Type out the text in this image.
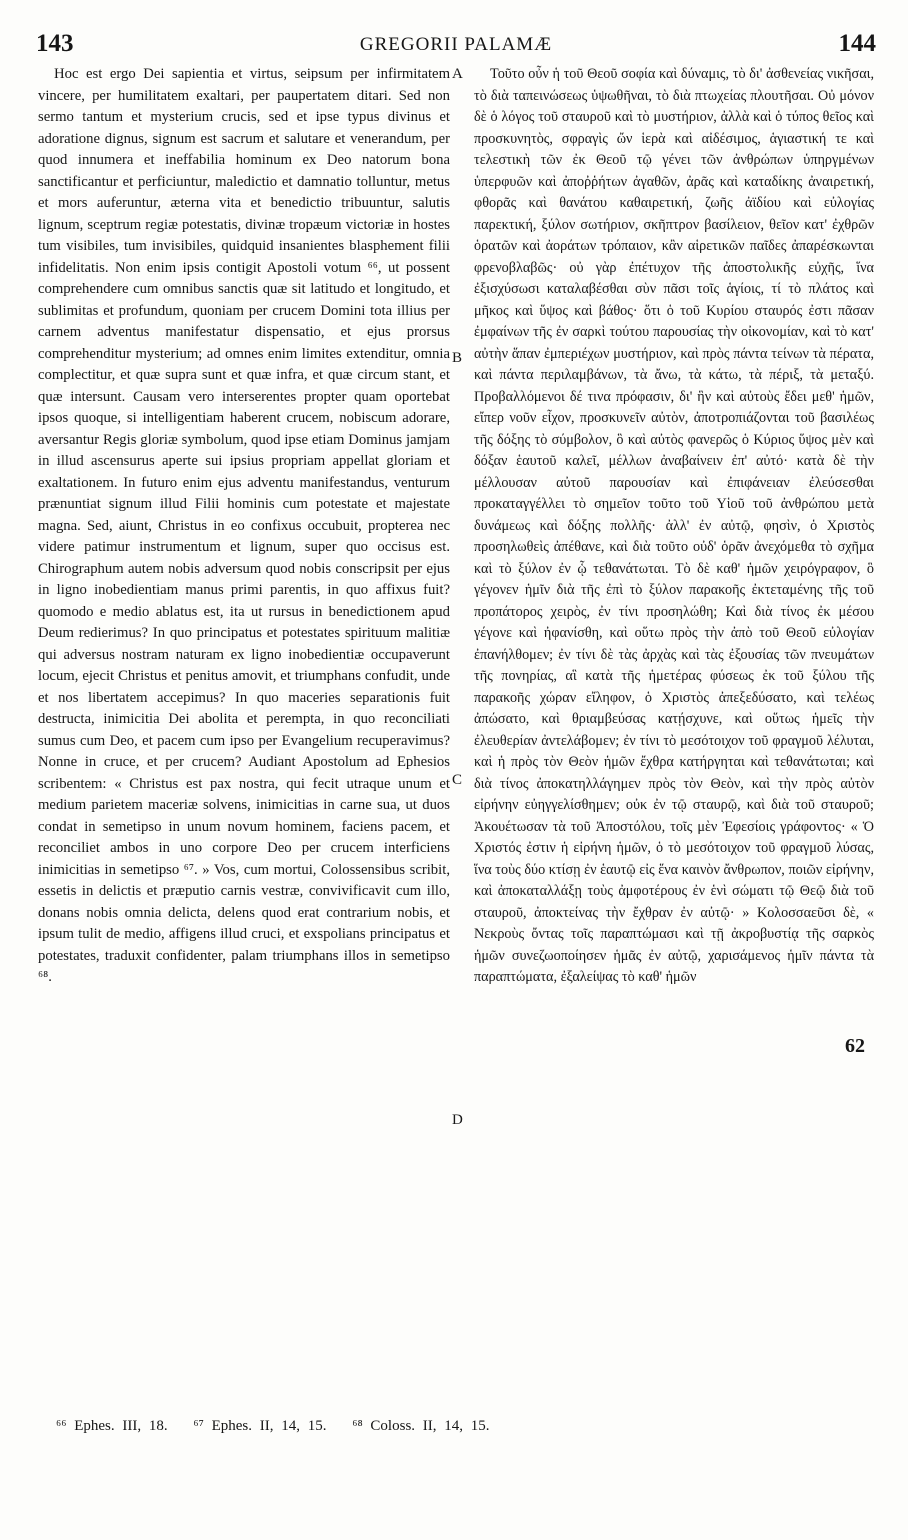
143	GREGORII PALAMÆ	144

Hoc est ergo Dei sapientia et virtus, seipsum per infirmitatem vincere, per humilitatem exaltari, per paupertatem ditari. Sed non sermo tantum et mysterium crucis, sed et ipse typus divinus et adoratione dignus, signum est sacrum et salutare et venerandum, per quod innumera et ineffabilia hominum ex Deo natorum bona sanctificantur et perficiuntur, maledictio et damnatio tolluntur, metus et mors auferuntur, æterna vita et benedictio tribuuntur, salutis lignum, sceptrum regiæ potestatis, divinæ tropæum victoriæ in hostes tum visibiles, tum invisibiles, quidquid insanientes blasphement filii infidelitatis. Non enim ipsis contigit Apostoli votum ⁶⁶, ut possent comprehendere cum omnibus sanctis quæ sit latitudo et longitudo, et sublimitas et profundum, quoniam per crucem Domini tota illius per carnem adventus manifestatur dispensatio, et ejus prorsus comprehenditur mysterium; ad omnes enim limites extenditur, omnia complectitur, et quæ supra sunt et quæ infra, et quæ circum stant, et quæ intersunt. Causam vero interserentes propter quam oportebat ipsos quoque, si intelligentiam haberent crucem, nobiscum adorare, aversantur Regis gloriæ symbolum, quod ipse etiam Dominus jamjam in illud ascensurus aperte sui ipsius propriam appellat gloriam et exaltationem. In futuro enim ejus adventu manifestandus, venturum prænuntiat signum illud Filii hominis cum potestate et majestate magna. Sed, aiunt, Christus in eo confixus occubuit, propterea nec videre patimur instrumentum et lignum, super quo occisus est. Chirographum autem nobis adversum quod nobis conscripsit per ejus in ligno inobedientiam manus primi parentis, in quo affixus fuit? quomodo e medio ablatus est, ita ut rursus in benedictionem apud Deum redierimus? In quo principatus et potestates spirituum malitiæ qui adversus nostram naturam ex ligno inobedientiæ occupaverunt locum, ejecit Christus et penitus amovit, et triumphans confudit, unde et nos libertatem accepimus? In quo maceries separationis fuit destructa, inimicitia Dei abolita et perempta, in quo reconciliati sumus cum Deo, et pacem cum ipso per Evangelium recuperavimus? Nonne in cruce, et per crucem? Audiant Apostolum ad Ephesios scribentem: « Christus est pax nostra, qui fecit utraque unum et medium parietem maceriæ solvens, inimicitias in carne sua, ut duos condat in semetipso in unum novum hominem, faciens pacem, et reconciliet ambos in uno corpore Deo per crucem interficiens inimicitias in semetipso ⁶⁷. » Vos, cum mortui, Colossensibus scribit, essetis in delictis et præputio carnis vestræ, convivificavit cum illo, donans nobis omnia delicta, delens quod erat contrarium nobis, et ipsum tulit de medio, affigens illud cruci, et exspolians principatus et potestates, traduxit confidenter, palam triumphans illos in semetipso ⁶⁸.

Τοῦτο οὖν ἡ τοῦ Θεοῦ σοφία καὶ δύναμις, τὸ δι' ἀσθενείας νικῆσαι, τὸ διὰ ταπεινώσεως ὑψωθῆναι, τὸ διὰ πτωχείας πλουτῆσαι. Οὐ μόνον δὲ ὁ λόγος τοῦ σταυροῦ καὶ τὸ μυστήριον, ἀλλὰ καὶ ὁ τύπος θεῖος καὶ προσκυνητὸς, σφραγὶς ὤν ἱερὰ καὶ αἰδέσιμος, ἁγιαστική τε καὶ τελεστικὴ τῶν ἐκ Θεοῦ τῷ γένει τῶν ἀνθρώπων ὑπηργμένων ὑπερφυῶν καὶ ἀποῤῥήτων ἀγαθῶν, ἀρᾶς καὶ καταδίκης ἀναιρετική, φθορᾶς καὶ θανάτου καθαιρετική, ζωῆς ἀϊδίου καὶ εὐλογίας παρεκτική, ξύλον σωτήριον, σκῆπτρον βασίλειον, θεῖον κατ' ἐχθρῶν ὁρατῶν καὶ ἀοράτων τρόπαιον, κἂν αἱρετικῶν παῖδες ἀπαρέσκωνται φρενοβλαβῶς· οὐ γὰρ ἐπέτυχον τῆς ἀποστολικῆς εὐχῆς, ἵνα ἐξισχύσωσι καταλαβέσθαι σὺν πᾶσι τοῖς ἁγίοις, τί τὸ πλάτος καὶ μῆκος καὶ ὕψος καὶ βάθος· ὅτι ὁ τοῦ Κυρίου σταυρός ἐστι πᾶσαν ἐμφαίνων τῆς ἐν σαρκὶ τούτου παρουσίας τὴν οἰκονομίαν, καὶ τὸ κατ' αὐτὴν ἅπαν ἐμπεριέχων μυστήριον, καὶ πρὸς πάντα τείνων τὰ πέρατα, καὶ πάντα περιλαμβάνων, τὰ ἄνω, τὰ κάτω, τὰ πέριξ, τὰ μεταξύ. Προβαλλόμενοι δέ τινα πρόφασιν, δι' ἣν καὶ αὐτοὺς ἔδει μεθ' ἡμῶν, εἴπερ νοῦν εἶχον, προσκυνεῖν αὐτὸν, ἀποτροπιάζονται τοῦ βασιλέως τῆς δόξης τὸ σύμβολον, ὃ καὶ αὐτὸς φανερῶς ὁ Κύριος ὕψος μὲν καὶ δόξαν ἑαυτοῦ καλεῖ, μέλλων ἀναβαίνειν ἐπ' αὐτό· κατὰ δὲ τὴν μέλλουσαν αὐτοῦ παρουσίαν καὶ ἐπιφάνειαν ἐλεύσεσθαι προκαταγγέλλει τὸ σημεῖον τοῦτο τοῦ Υἱοῦ τοῦ ἀνθρώπου μετὰ δυνάμεως καὶ δόξης πολλῆς· ἀλλ' ἐν αὐτῷ, φησὶν, ὁ Χριστὸς προσηλωθεὶς ἀπέθανε, καὶ διὰ τοῦτο οὐδ' ὁρᾶν ἀνεχόμεθα τὸ σχῆμα καὶ τὸ ξύλον ἐν ᾧ τεθανάτωται. Τὸ δὲ καθ' ἡμῶν χειρόγραφον, ὃ γέγονεν ἡμῖν διὰ τῆς ἐπὶ τὸ ξύλον παρακοῆς ἐκτεταμένης τῆς τοῦ προπάτορος χειρὸς, ἐν τίνι προσηλώθη; Καὶ διὰ τίνος ἐκ μέσου γέγονε καὶ ἠφανίσθη, καὶ οὕτω πρὸς τὴν ἀπὸ τοῦ Θεοῦ εὐλογίαν ἐπανήλθομεν; ἐν τίνι δὲ τὰς ἀρχὰς καὶ τὰς ἐξουσίας τῶν πνευμάτων τῆς πονηρίας, αἳ κατὰ τῆς ἡμετέρας φύσεως ἐκ τοῦ ξύλου τῆς παρακοῆς χώραν εἴληφον, ὁ Χριστὸς ἀπεξεδύσατο, καὶ τελέως ἀπώσατο, καὶ θριαμβεύσας κατῄσχυνε, καὶ οὕτως ἡμεῖς τὴν ἐλευθερίαν ἀντελάβομεν; ἐν τίνι τὸ μεσότοιχον τοῦ φραγμοῦ λέλυται, καὶ ἡ πρὸς τὸν Θεὸν ἡμῶν ἔχθρα κατήργηται καὶ τεθανάτωται; καὶ διὰ τίνος ἀποκατηλλάγημεν πρὸς τὸν Θεὸν, καὶ τὴν πρὸς αὐτὸν εἰρήνην εὐηγγελίσθημεν; οὐκ ἐν τῷ σταυρῷ, καὶ διὰ τοῦ σταυροῦ; Ἀκουέτωσαν τὰ τοῦ Ἀποστόλου, τοῖς μὲν Ἐφεσίοις γράφοντος· « Ὁ Χριστός ἐστιν ἡ εἰρήνη ἡμῶν, ὁ τὸ μεσότοιχον τοῦ φραγμοῦ λύσας, ἵνα τοὺς δύο κτίσῃ ἐν ἑαυτῷ εἰς ἕνα καινὸν ἄνθρωπον, ποιῶν εἰρήνην, καὶ ἀποκαταλλάξῃ τοὺς ἀμφοτέρους ἐν ἑνὶ σώματι τῷ Θεῷ διὰ τοῦ σταυροῦ, ἀποκτείνας τὴν ἔχθραν ἐν αὐτῷ· » Κολοσσαεῦσι δὲ, « Νεκροὺς ὄντας τοῖς παραπτώμασι καὶ τῇ ἀκροβυστίᾳ τῆς σαρκὸς ἡμῶν συνεζωοποίησεν ἡμᾶς ἐν αὐτῷ, χαρισάμενος ἡμῖν πάντα τὰ παραπτώματα, ἐξαλείψας τὸ καθ' ἡμῶν

A
B
C
D
62
⁶⁶ Ephes. III, 18. ⁶⁷ Ephes. II, 14, 15. ⁶⁸ Coloss. II, 14, 15.
